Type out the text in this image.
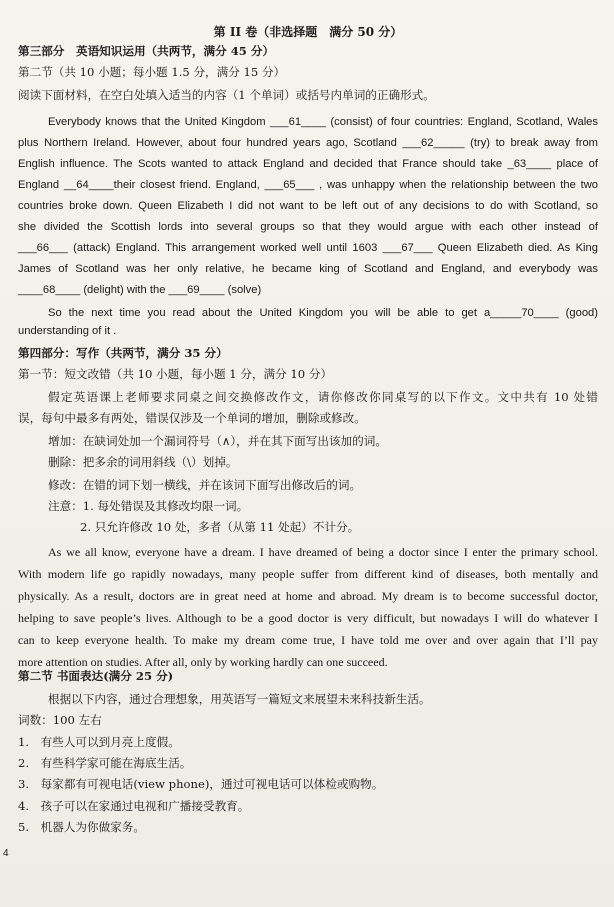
第 II 卷（非选择题　满分 50 分）
第三部分　英语知识运用（共两节，满分 45 分）
第二节（共 10 小题；每小题 1.5 分，满分 15 分）
阅读下面材料，在空白处填入适当的内容（1 个单词）或括号内单词的正确形式。
Everybody knows that the United Kingdom ___61____ (consist) of four countries: England, Scotland, Wales
plus Northern Ireland. However, about four hundred years ago, Scotland ___62_____ (try) to break away from
English influence. The Scots wanted to attack England and decided that France should take _63____ place of
England __64____their closest friend. England, ___65___ , was unhappy when the relationship between the two
countries broke down. Queen Elizabeth I did not want to be left out of any decisions to do with Scotland, so
she divided the Scottish lords into several groups so that they would argue with each other instead of
___66___ (attack) England. This arrangement worked well until 1603 ___67___ Queen Elizabeth died. As King
James of Scotland was her only relative, he became king of Scotland and England, and everybody was
____68____ (delight) with the ___69____ (solve)
So the next time you read about the United Kingdom you will be able to get a_____70____ (good)
understanding of it .
第四部分：写作（共两节，满分 35 分）
第一节：短文改错（共 10 小题，每小题 1 分，满分 10 分）
假定英语课上老师要求同桌之间交换修改作文，请你修改你同桌写的以下作文。文中共有 10 处错
误，每句中最多有两处，错误仅涉及一个单词的增加，删除或修改。
增加：在缺词处加一个漏词符号（∧），并在其下面写出该加的词。
删除：把多余的词用斜线（\）划掉。
修改：在错的词下划一横线，并在该词下面写出修改后的词。
注意：1. 每处错误及其修改均限一词。
2. 只允许修改 10 处，多者（从第 11 处起）不计分。
As we all know, everyone have a dream. I have dreamed of being a doctor since I enter the primary school.
With modern life go rapidly nowadays, many people suffer from different kind of diseases, both mentally and
physically. As a result, doctors are in great need at home and abroad. My dream is to become successful doctor,
helping to save people’s lives. Although to be a good doctor is very difficult, but nowadays I will do whatever I
can to keep everyone health. To make my dream come true, I have told me over and over again that I’ll pay
more attention on studies. After all, only by working hardly can one succeed.
第二节 书面表达(满分 25 分)
根据以下内容，通过合理想象，用英语写一篇短文来展望未来科技新生活。
词数：100 左右
1.　有些人可以到月亮上度假。
2.　有些科学家可能在海底生活。
3.　每家都有可视电话(view phone)，通过可视电话可以体检或购物。
4.　孩子可以在家通过电视和广播接受教育。
5.　机器人为你做家务。
4
